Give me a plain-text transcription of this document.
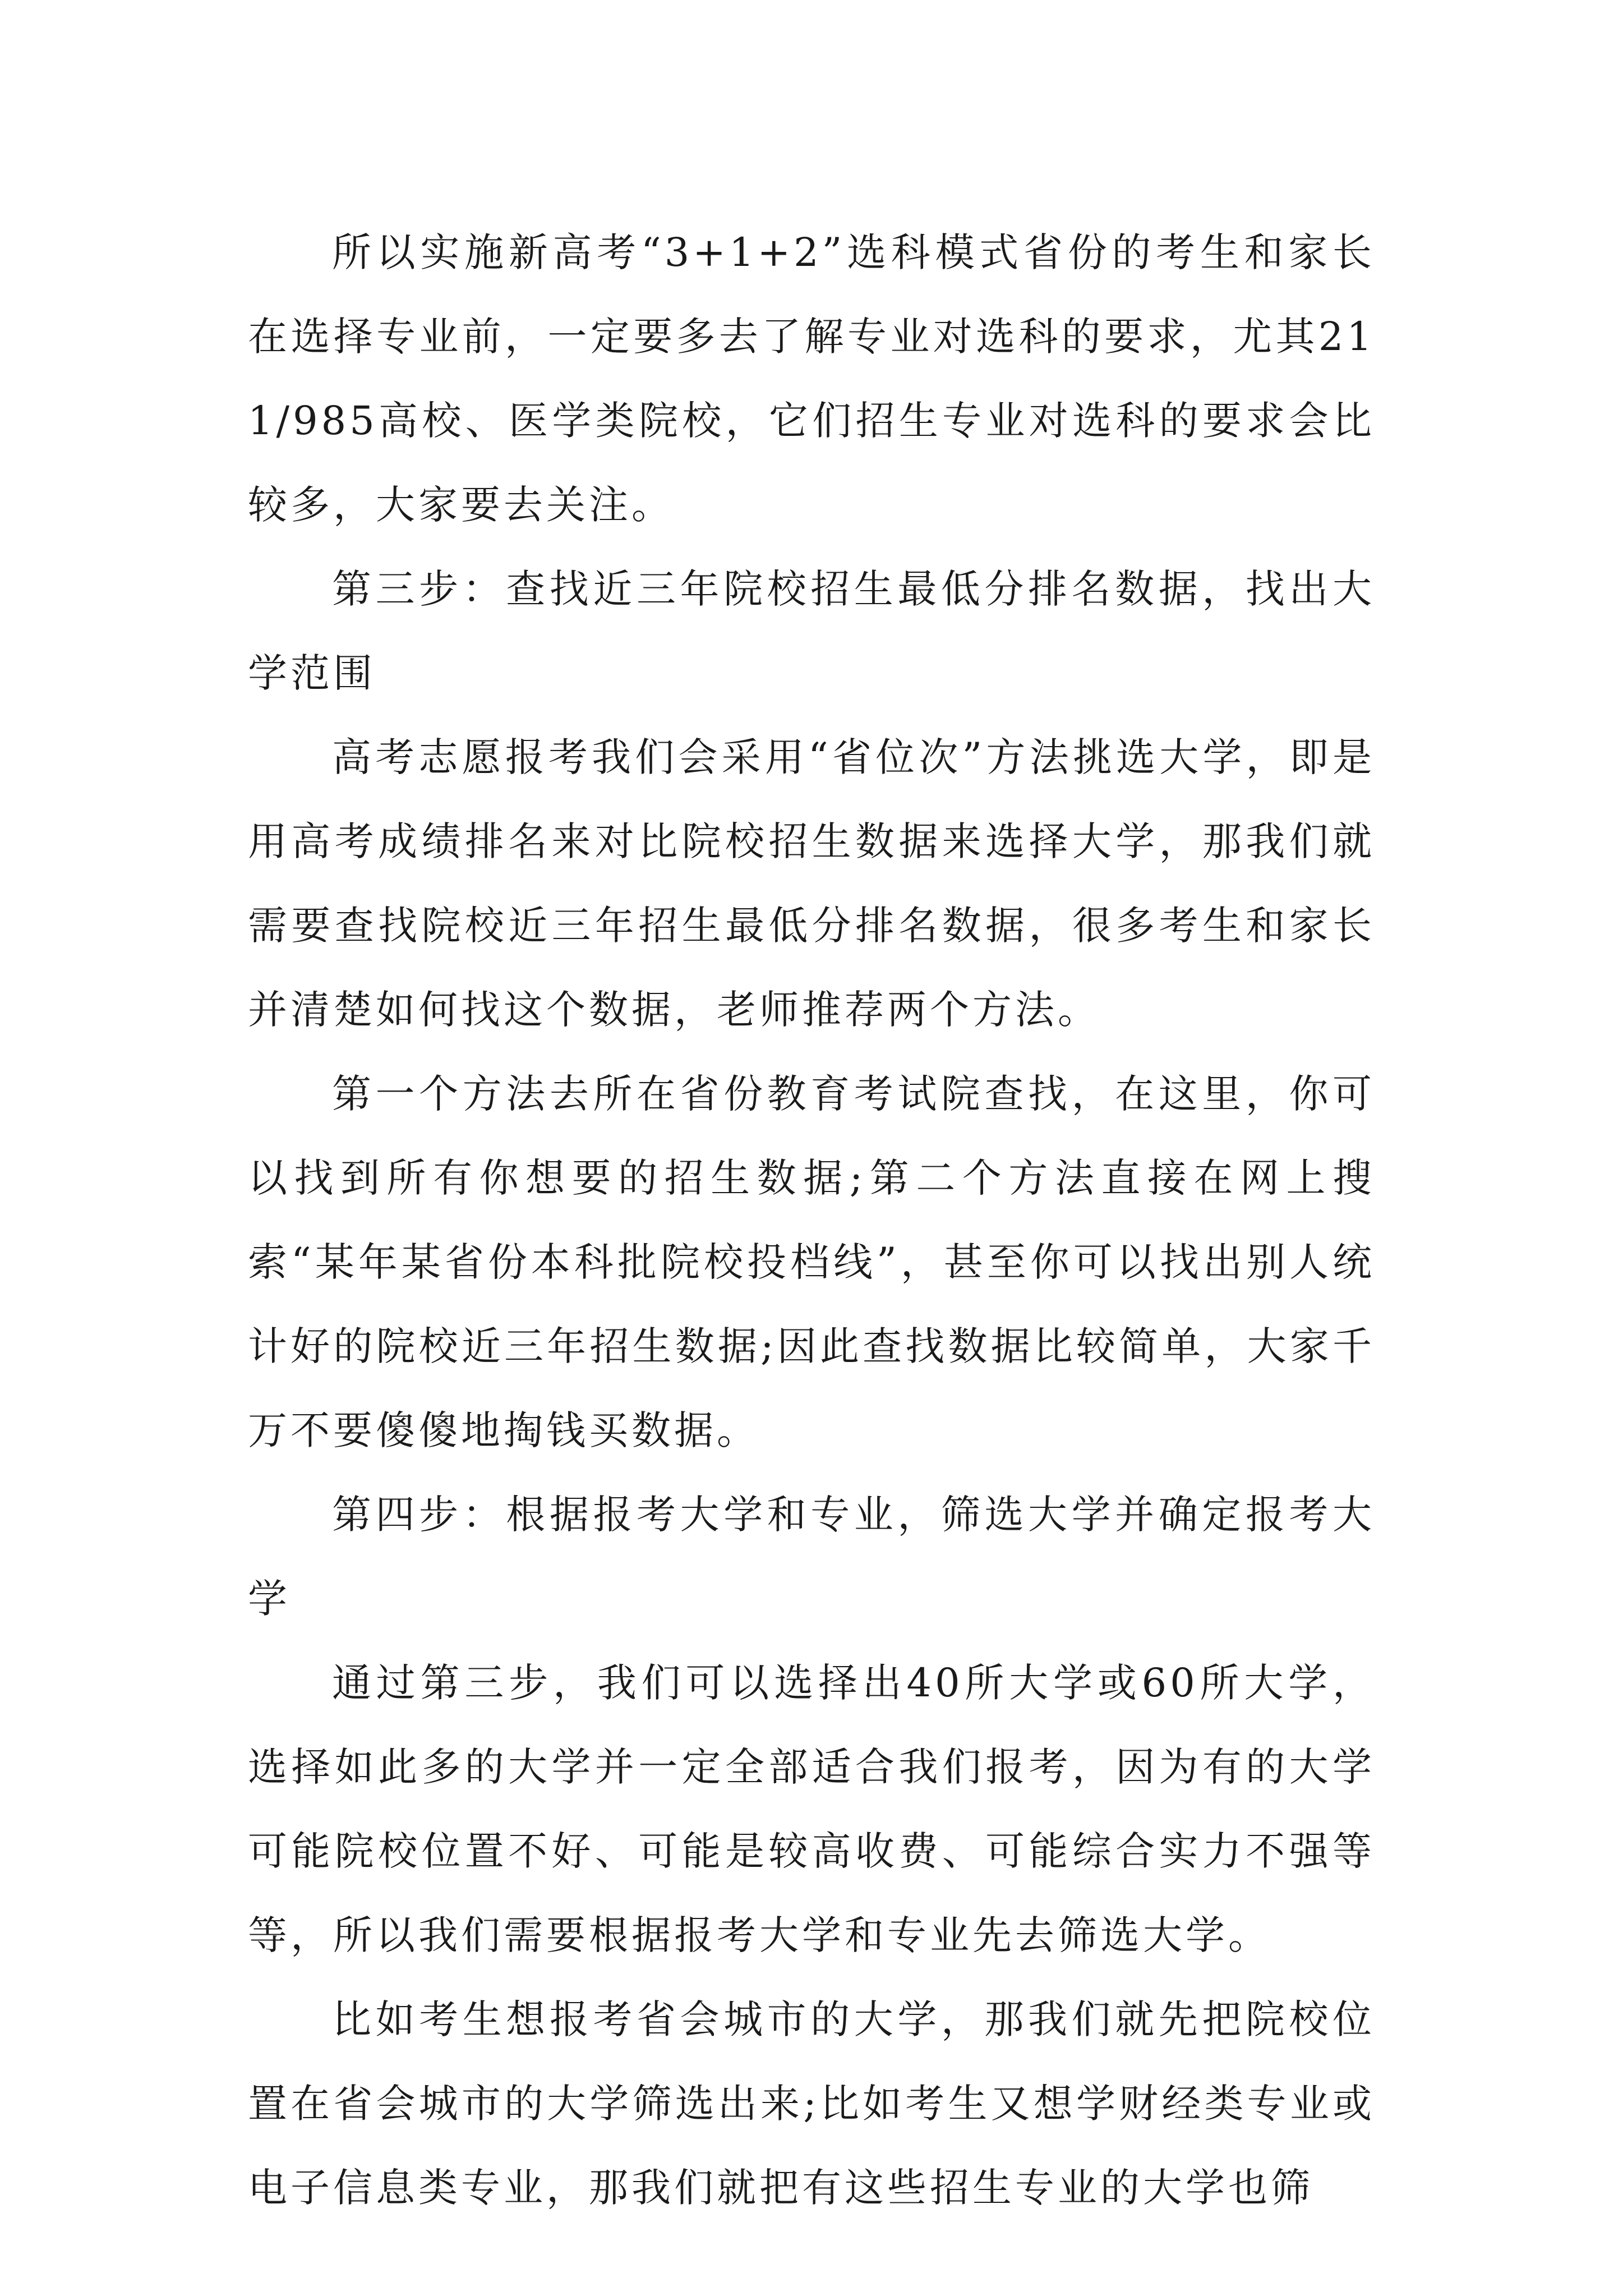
所以实施新高考“3+1+2”选科模式省份的考生和家长在选择专业前，一定要多去了解专业对选科的要求，尤其211/985高校、医学类院校，它们招生专业对选科的要求会比较多，大家要去关注。

第三步：查找近三年院校招生最低分排名数据，找出大学范围

高考志愿报考我们会采用“省位次”方法挑选大学，即是用高考成绩排名来对比院校招生数据来选择大学，那我们就需要查找院校近三年招生最低分排名数据，很多考生和家长并清楚如何找这个数据，老师推荐两个方法。

第一个方法去所在省份教育考试院查找，在这里，你可以找到所有你想要的招生数据;第二个方法直接在网上搜索“某年某省份本科批院校投档线”，甚至你可以找出别人统计好的院校近三年招生数据;因此查找数据比较简单，大家千万不要傻傻地掏钱买数据。

第四步：根据报考大学和专业，筛选大学并确定报考大学

通过第三步，我们可以选择出40所大学或60所大学，选择如此多的大学并一定全部适合我们报考，因为有的大学可能院校位置不好、可能是较高收费、可能综合实力不强等等，所以我们需要根据报考大学和专业先去筛选大学。

比如考生想报考省会城市的大学，那我们就先把院校位置在省会城市的大学筛选出来;比如考生又想学财经类专业或电子信息类专业，那我们就把有这些招生专业的大学也筛
